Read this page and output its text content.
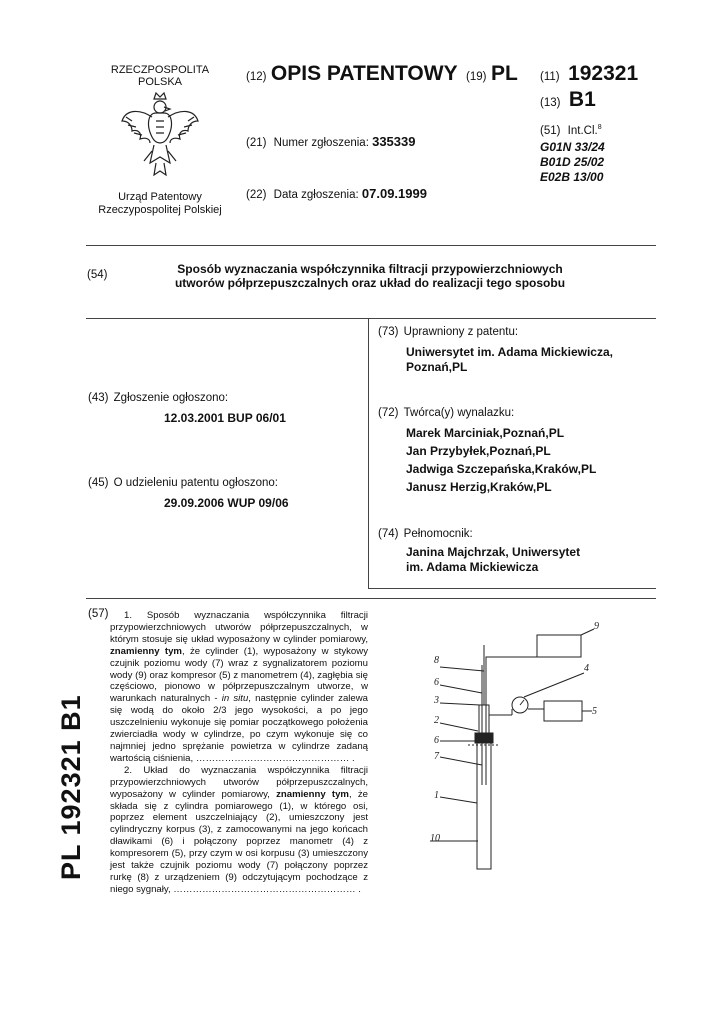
RZECZPOSPOLITA
POLSKA
Urząd Patentowy
Rzeczypospolitej Polskiej
(12) OPIS PATENTOWY (19) PL
(21) Numer zgłoszenia: 335339
(22) Data zgłoszenia: 07.09.1999
(11) 192321
(13) B1
(51) Int.Cl.$^8$
G01N 33/24
B01D 25/02
E02B 13/00
(54)	Sposób wyznaczania współczynnika filtracji przypowierzchniowych
utworów półprzepuszczalnych oraz układ do realizacji tego sposobu
(43) Zgłoszenie ogłoszono:
12.03.2001 BUP 06/01
(45) O udzieleniu patentu ogłoszono:
29.09.2006 WUP 09/06
(73) Uprawniony z patentu:
Uniwersytet im. Adama Mickiewicza,
Poznań,PL
(72) Twórca(y) wynalazku:
Marek Marciniak,Poznań,PL
Jan Przybyłek,Poznań,PL
Jadwiga Szczepańska,Kraków,PL
Janusz Herzig,Kraków,PL
(74) Pełnomocnik:
Janina Majchrzak, Uniwersytet
im. Adama Mickiewicza
(57)	1. Sposób wyznaczania współczynnika filtracji przypowierzchniowych utworów półprzepuszczalnych, w którym stosuje się układ wyposażony w cylinder pomiarowy, znamienny tym, że cylinder (1), wyposażony w stykowy czujnik poziomu wody (7) wraz z sygnalizatorem poziomu wody (9) oraz kompresor (5) z manometrem (4), zagłębia się częściowo, pionowo w półprzepuszczalnym utworze, w warunkach naturalnych - in situ, następnie cylinder zalewa się wodą do około 2/3 jego wysokości, a po jego uszczelnieniu wykonuje się pomiar początkowego położenia zwierciadła wody w cylindrze, po czym wykonuje się co najmniej jedno sprężanie powietrza w cylindrze zadaną wartością ciśnienia, ………………………………………… .

2. Układ do wyznaczania współczynnika filtracji przypowierzchniowych utworów półprzepuszczalnych, wyposażony w cylinder pomiarowy, znamienny tym, że składa się z cylindra pomiarowego (1), w którego osi, poprzez element uszczelniający (2), umieszczony jest cylindryczny korpus (3), z zamocowanymi na jego końcach dławikami (6) i połączony poprzez manometr (4) z kompresorem (5), przy czym w osi korpusu (3) umieszczony jest także czujnik poziomu wody (7) połączony poprzez rurkę (8) z urządzeniem (9) odczytującym pochodzące z niego sygnały, ………………………………………………… .

9
8
4
6
5
3
2
6
7
1
10
PL 192321 B1
